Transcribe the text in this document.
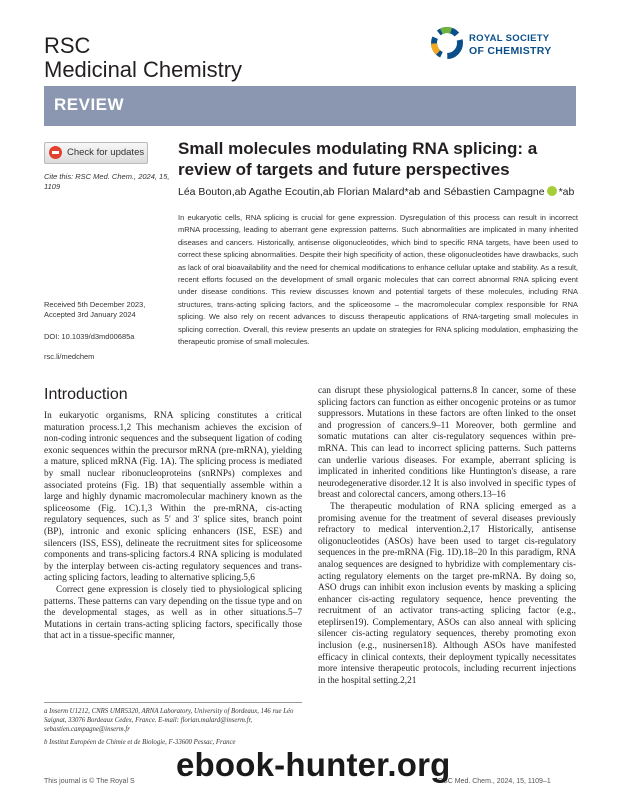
RSC
Medicinal Chemistry
ROYAL SOCIETY
OF CHEMISTRY
REVIEW
Check for updates
Cite this: RSC Med. Chem., 2024, 15, 1109
Received 5th December 2023,
Accepted 3rd January 2024
DOI: 10.1039/d3md00685a
rsc.li/medchem
Small molecules modulating RNA splicing: a review of targets and future perspectives
Léa Bouton,ab Agathe Ecoutin,ab Florian Malard*ab and Sébastien Campagne *ab
In eukaryotic cells, RNA splicing is crucial for gene expression. Dysregulation of this process can result in incorrect mRNA processing, leading to aberrant gene expression patterns. Such abnormalities are implicated in many inherited diseases and cancers. Historically, antisense oligonucleotides, which bind to specific RNA targets, have been used to correct these splicing abnormalities. Despite their high specificity of action, these oligonucleotides have drawbacks, such as lack of oral bioavailability and the need for chemical modifications to enhance cellular uptake and stability. As a result, recent efforts focused on the development of small organic molecules that can correct abnormal RNA splicing event under disease conditions. This review discusses known and potential targets of these molecules, including RNA structures, trans-acting splicing factors, and the spliceosome – the macromolecular complex responsible for RNA splicing. We also rely on recent advances to discuss therapeutic applications of RNA-targeting small molecules in splicing correction. Overall, this review presents an update on strategies for RNA splicing modulation, emphasizing the therapeutic promise of small molecules.
Introduction

In eukaryotic organisms, RNA splicing constitutes a critical maturation process.1,2 This mechanism achieves the excision of non-coding intronic sequences and the subsequent ligation of coding exonic sequences within the precursor mRNA (pre-mRNA), yielding a mature, spliced mRNA (Fig. 1A). The splicing process is mediated by small nuclear ribonucleoproteins (snRNPs) complexes and associated proteins (Fig. 1B) that sequentially assemble within a large and highly dynamic macromolecular machinery known as the spliceosome (Fig. 1C).1,3 Within the pre-mRNA, cis-acting regulatory sequences, such as 5′ and 3′ splice sites, branch point (BP), intronic and exonic splicing enhancers (ISE, ESE) and silencers (ISS, ESS), delineate the recruitment sites for spliceosome components and trans-splicing factors.4 RNA splicing is modulated by the interplay between cis-acting regulatory sequences and trans-acting splicing factors, leading to alternative splicing.5,6

Correct gene expression is closely tied to physiological splicing patterns. These patterns can vary depending on the tissue type and on the developmental stages, as well as in other situations.5–7 Mutations in certain trans-acting splicing factors, specifically those that act in a tissue-specific manner,

can disrupt these physiological patterns.8 In cancer, some of these splicing factors can function as either oncogenic proteins or as tumor suppressors. Mutations in these factors are often linked to the onset and progression of cancers.9–11 Moreover, both germline and somatic mutations can alter cis-regulatory sequences within pre-mRNA. This can lead to incorrect splicing patterns. Such patterns can underlie various diseases. For example, aberrant splicing is implicated in inherited conditions like Huntington's disease, a rare neurodegenerative disorder.12 It is also involved in specific types of breast and colorectal cancers, among others.13–16

The therapeutic modulation of RNA splicing emerged as a promising avenue for the treatment of several diseases previously refractory to medical intervention.2,17 Historically, antisense oligonucleotides (ASOs) have been used to target cis-regulatory sequences in the pre-mRNA (Fig. 1D).18–20 In this paradigm, RNA analog sequences are designed to hybridize with complementary cis-acting regulatory elements on the target pre-mRNA. By doing so, ASO drugs can inhibit exon inclusion events by masking a splicing enhancer cis-acting regulatory sequence, hence preventing the recruitment of an activator trans-acting splicing factor (e.g., eteplirsen19). Complementary, ASOs can also anneal with splicing silencer cis-acting regulatory sequences, thereby promoting exon inclusion (e.g., nusinersen18). Although ASOs have manifested efficacy in clinical contexts, their deployment typically necessitates more intensive therapeutic protocols, including recurrent injections in the hospital setting.2,21

a Inserm U1212, CNRS UMR5320, ARNA Laboratory, University of Bordeaux, 146 rue Léo Saignat, 33076 Bordeaux Cedex, France. E-mail: florian.malard@inserm.fr, sebastien.campagne@inserm.fr
b Institut Européen de Chimie et de Biologie, F-33600 Pessac, France
This journal is © The Royal S	RSC Med. Chem., 2024, 15, 1109–1
ebook-hunter.org
